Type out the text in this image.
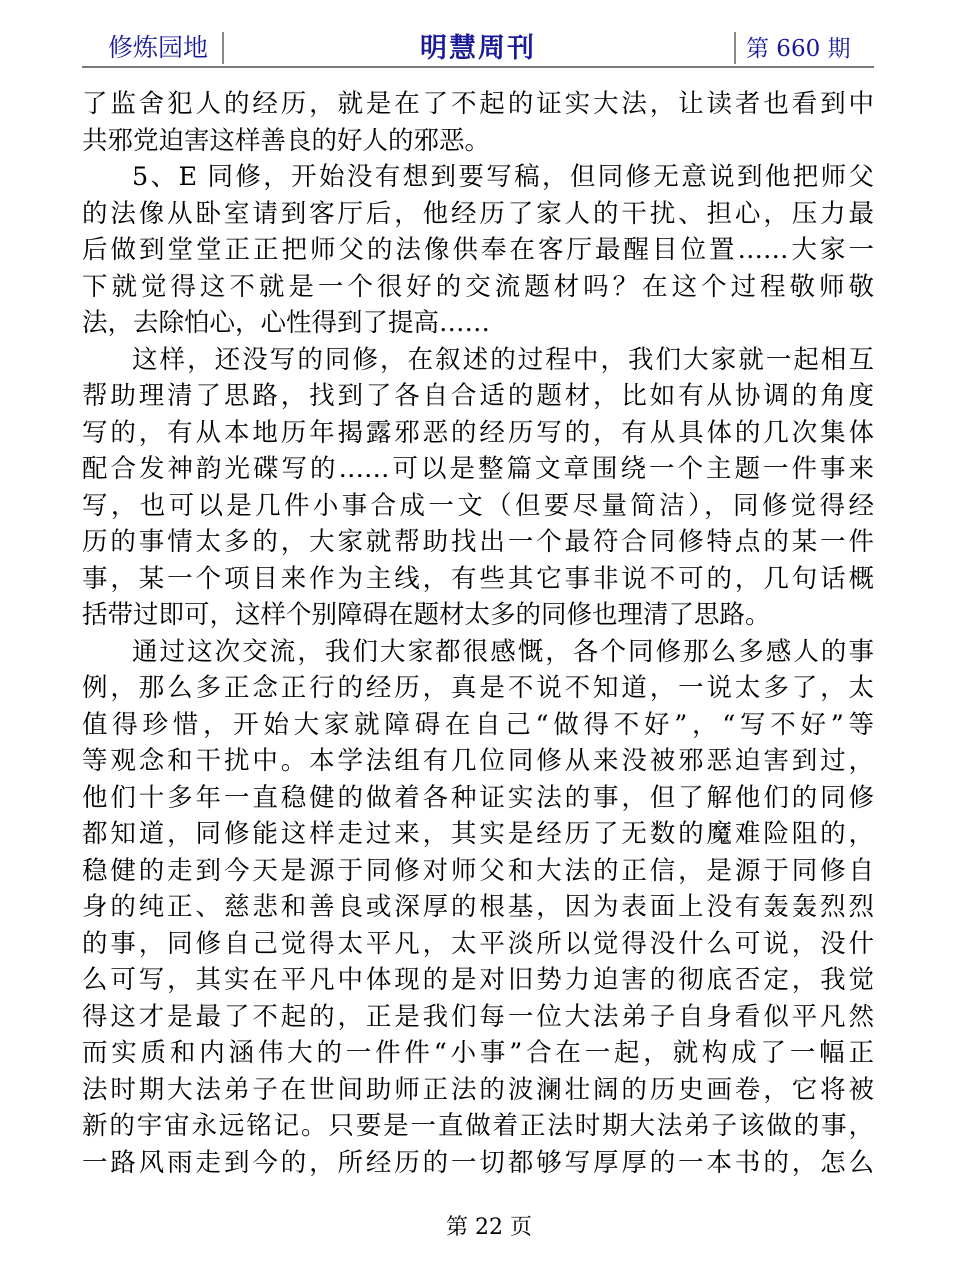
修炼园地	明慧周刊	第 660 期
了监舍犯人的经历，就是在了不起的证实大法，让读者也看到中
共邪党迫害这样善良的好人的邪恶。
5、E 同修，开始没有想到要写稿，但同修无意说到他把师父
的法像从卧室请到客厅后，他经历了家人的干扰、担心，压力最
后做到堂堂正正把师父的法像供奉在客厅最醒目位置……大家一
下就觉得这不就是一个很好的交流题材吗？在这个过程敬师敬
法，去除怕心，心性得到了提高……
这样，还没写的同修，在叙述的过程中，我们大家就一起相互
帮助理清了思路，找到了各自合适的题材，比如有从协调的角度
写的，有从本地历年揭露邪恶的经历写的，有从具体的几次集体
配合发神韵光碟写的……可以是整篇文章围绕一个主题一件事来
写，也可以是几件小事合成一文（但要尽量简洁），同修觉得经
历的事情太多的，大家就帮助找出一个最符合同修特点的某一件
事，某一个项目来作为主线，有些其它事非说不可的，几句话概
括带过即可，这样个别障碍在题材太多的同修也理清了思路。
通过这次交流，我们大家都很感慨，各个同修那么多感人的事
例，那么多正念正行的经历，真是不说不知道，一说太多了，太
值得珍惜，开始大家就障碍在自己“做得不好”，“写不好”等
等观念和干扰中。本学法组有几位同修从来没被邪恶迫害到过，
他们十多年一直稳健的做着各种证实法的事，但了解他们的同修
都知道，同修能这样走过来，其实是经历了无数的魔难险阻的，
稳健的走到今天是源于同修对师父和大法的正信，是源于同修自
身的纯正、慈悲和善良或深厚的根基，因为表面上没有轰轰烈烈
的事，同修自己觉得太平凡，太平淡所以觉得没什么可说，没什
么可写，其实在平凡中体现的是对旧势力迫害的彻底否定，我觉
得这才是最了不起的，正是我们每一位大法弟子自身看似平凡然
而实质和内涵伟大的一件件“小事”合在一起，就构成了一幅正
法时期大法弟子在世间助师正法的波澜壮阔的历史画卷，它将被
新的宇宙永远铭记。只要是一直做着正法时期大法弟子该做的事，
一路风雨走到今的，所经历的一切都够写厚厚的一本书的，怎么
第 22 页
